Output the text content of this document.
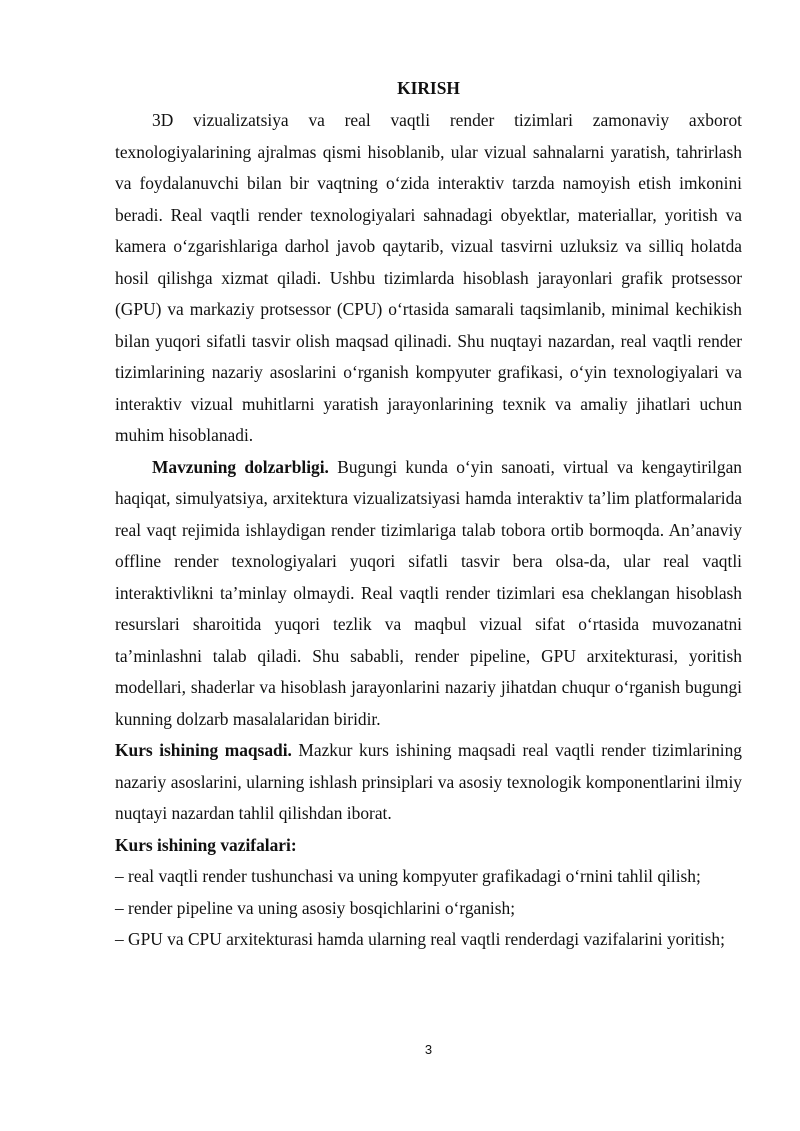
KIRISH

3D vizualizatsiya va real vaqtli render tizimlari zamonaviy axborot texnologiyalarining ajralmas qismi hisoblanib, ular vizual sahnalarni yaratish, tahrirlash va foydalanuvchi bilan bir vaqtning o‘zida interaktiv tarzda namoyish etish imkonini beradi. Real vaqtli render texnologiyalari sahnadagi obyektlar, materiallar, yoritish va kamera o‘zgarishlariga darhol javob qaytarib, vizual tasvirni uzluksiz va silliq holatda hosil qilishga xizmat qiladi. Ushbu tizimlarda hisoblash jarayonlari grafik protsessor (GPU) va markaziy protsessor (CPU) o‘rtasida samarali taqsimlanib, minimal kechikish bilan yuqori sifatli tasvir olish maqsad qilinadi. Shu nuqtayi nazardan, real vaqtli render tizimlarining nazariy asoslarini o‘rganish kompyuter grafikasi, o‘yin texnologiyalari va interaktiv vizual muhitlarni yaratish jarayonlarining texnik va amaliy jihatlari uchun muhim hisoblanadi.

Mavzuning dolzarbligi. Bugungi kunda o‘yin sanoati, virtual va kengaytirilgan haqiqat, simulyatsiya, arxitektura vizualizatsiyasi hamda interaktiv ta’lim platformalarida real vaqt rejimida ishlaydigan render tizimlariga talab tobora ortib bormoqda. An’anaviy offline render texnologiyalari yuqori sifatli tasvir bera olsa-da, ular real vaqtli interaktivlikni ta’minlay olmaydi. Real vaqtli render tizimlari esa cheklangan hisoblash resurslari sharoitida yuqori tezlik va maqbul vizual sifat o‘rtasida muvozanatni ta’minlashni talab qiladi. Shu sababli, render pipeline, GPU arxitekturasi, yoritish modellari, shaderlar va hisoblash jarayonlarini nazariy jihatdan chuqur o‘rganish bugungi kunning dolzarb masalalaridan biridir.

Kurs ishining maqsadi. Mazkur kurs ishining maqsadi real vaqtli render tizimlarining nazariy asoslarini, ularning ishlash prinsiplari va asosiy texnologik komponentlarini ilmiy nuqtayi nazardan tahlil qilishdan iborat.

Kurs ishining vazifalari:

– real vaqtli render tushunchasi va uning kompyuter grafikadagi o‘rnini tahlil qilish;

– render pipeline va uning asosiy bosqichlarini o‘rganish;

– GPU va CPU arxitekturasi hamda ularning real vaqtli renderdagi vazifalarini yoritish;

3
